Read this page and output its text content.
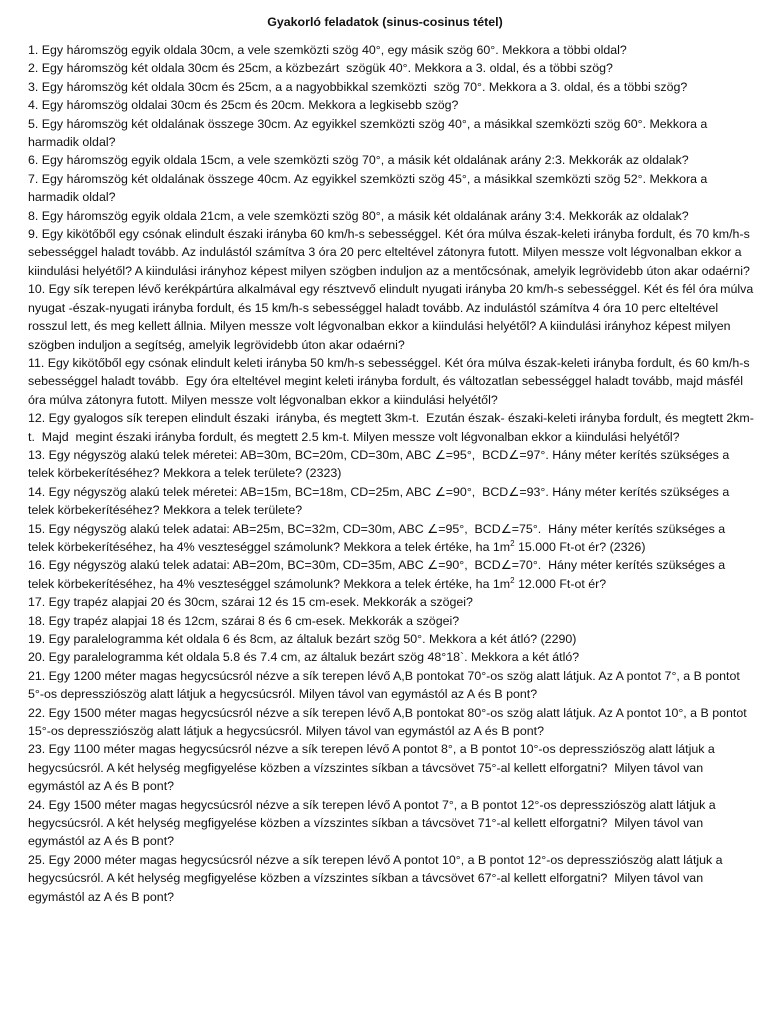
Gyakorló feladatok (sinus-cosinus tétel)
1. Egy háromszög egyik oldala 30cm, a vele szemközti szög 40°, egy másik szög 60°. Mekkora a többi oldal?
2. Egy háromszög két oldala 30cm és 25cm, a közbezárt  szögük 40°. Mekkora a 3. oldal, és a többi szög?
3. Egy háromszög két oldala 30cm és 25cm, a a nagyobbikkal szemközti  szög 70°. Mekkora a 3. oldal, és a többi szög?
4. Egy háromszög oldalai 30cm és 25cm és 20cm. Mekkora a legkisebb szög?
5. Egy háromszög két oldalának összege 30cm. Az egyikkel szemközti szög 40°, a másikkal szemközti szög 60°. Mekkora a harmadik oldal?
6. Egy háromszög egyik oldala 15cm, a vele szemközti szög 70°, a másik két oldalának arány 2:3. Mekkorák az oldalak?
7. Egy háromszög két oldalának összege 40cm. Az egyikkel szemközti szög 45°, a másikkal szemközti szög 52°. Mekkora a harmadik oldal?
8. Egy háromszög egyik oldala 21cm, a vele szemközti szög 80°, a másik két oldalának arány 3:4. Mekkorák az oldalak?
9. Egy kikötőből egy csónak elindult északi irányba 60 km/h-s sebességgel. Két óra múlva észak-keleti irányba fordult, és 70 km/h-s sebességgel haladt tovább. Az indulástól számítva 3 óra 20 perc elteltével zátonyra futott. Milyen messze volt légvonalban ekkor a kiindulási helyétől? A kiindulási irányhoz képest milyen szögben induljon az a mentőcsónak, amelyik legrövidebb úton akar odaérni?
10. Egy sík terepen lévő kerékpártúra alkalmával egy résztvevő elindult nyugati irányba 20 km/h-s sebességgel. Két és fél óra múlva nyugat -észak-nyugati irányba fordult, és 15 km/h-s sebességgel haladt tovább. Az indulástól számítva 4 óra 10 perc elteltével rosszul lett, és meg kellett állnia. Milyen messze volt légvonalban ekkor a kiindulási helyétől? A kiindulási irányhoz képest milyen szögben induljon a segítség, amelyik legrövidebb úton akar odaérni?
11. Egy kikötőből egy csónak elindult keleti irányba 50 km/h-s sebességgel. Két óra múlva észak-keleti irányba fordult, és 60 km/h-s sebességgel haladt tovább.  Egy óra elteltével megint keleti irányba fordult, és változatlan sebességgel haladt tovább, majd másfél óra múlva zátonyra futott. Milyen messze volt légvonalban ekkor a kiindulási helyétől?
12. Egy gyalogos sík terepen elindult északi  irányba, és megtett 3km-t.  Ezután észak- északi-keleti irányba fordult, és megtett 2km-t.  Majd  megint északi irányba fordult, és megtett 2.5 km-t. Milyen messze volt légvonalban ekkor a kiindulási helyétől?
13. Egy négyszög alakú telek méretei: AB=30m, BC=20m, CD=30m, ABC ∠=95°,  BCD∠=97°. Hány méter kerítés szükséges a telek körbekerítéséhez? Mekkora a telek területe? (2323)
14. Egy négyszög alakú telek méretei: AB=15m, BC=18m, CD=25m, ABC ∠=90°,  BCD∠=93°. Hány méter kerítés szükséges a telek körbekerítéséhez? Mekkora a telek területe?
15. Egy négyszög alakú telek adatai: AB=25m, BC=32m, CD=30m, ABC ∠=95°,  BCD∠=75°.  Hány méter kerítés szükséges a telek körbekerítéséhez, ha 4% veszteséggel számolunk? Mekkora a telek értéke, ha $1m^2$ 15.000 Ft-ot ér? (2326)
16. Egy négyszög alakú telek adatai: AB=20m, BC=30m, CD=35m, ABC ∠=90°,  BCD∠=70°.  Hány méter kerítés szükséges a telek körbekerítéséhez, ha 4% veszteséggel számolunk? Mekkora a telek értéke, ha $1m^2$ 12.000 Ft-ot ér?
17. Egy trapéz alapjai 20 és 30cm, szárai 12 és 15 cm-esek. Mekkorák a szögei?
18. Egy trapéz alapjai 18 és 12cm, szárai 8 és 6 cm-esek. Mekkorák a szögei?
19. Egy paralelogramma két oldala 6 és 8cm, az általuk bezárt szög 50°. Mekkora a két átló? (2290)
20. Egy paralelogramma két oldala 5.8 és 7.4 cm, az általuk bezárt szög 48°18`. Mekkora a két átló?
21. Egy 1200 méter magas hegycsúcsról nézve a sík terepen lévő A,B pontokat 70°-os szög alatt látjuk. Az A pontot 7°, a B pontot 5°-os depressziószög alatt látjuk a hegycsúcsról. Milyen távol van egymástól az A és B pont?
22. Egy 1500 méter magas hegycsúcsról nézve a sík terepen lévő A,B pontokat 80°-os szög alatt látjuk. Az A pontot 10°, a B pontot 15°-os depressziószög alatt látjuk a hegycsúcsról. Milyen távol van egymástól az A és B pont?
23. Egy 1100 méter magas hegycsúcsról nézve a sík terepen lévő A pontot 8°, a B pontot 10°-os depressziószög alatt látjuk a hegycsúcsról. A két helység megfigyelése közben a vízszintes síkban a távcsövet 75°-al kellett elforgatni?  Milyen távol van egymástól az A és B pont?
24. Egy 1500 méter magas hegycsúcsról nézve a sík terepen lévő A pontot 7°, a B pontot 12°-os depressziószög alatt látjuk a hegycsúcsról. A két helység megfigyelése közben a vízszintes síkban a távcsövet 71°-al kellett elforgatni?  Milyen távol van egymástól az A és B pont?
25. Egy 2000 méter magas hegycsúcsról nézve a sík terepen lévő A pontot 10°, a B pontot 12°-os depressziószög alatt látjuk a hegycsúcsról. A két helység megfigyelése közben a vízszintes síkban a távcsövet 67°-al kellett elforgatni?  Milyen távol van egymástól az A és B pont?
